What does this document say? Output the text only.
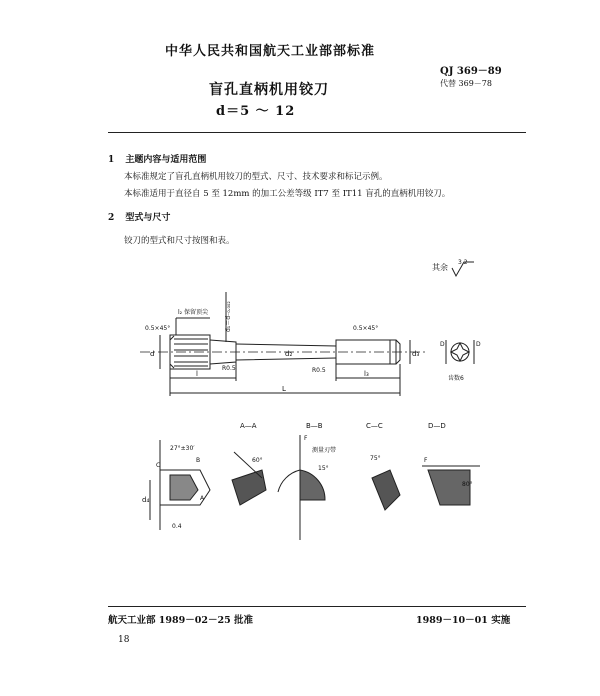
中华人民共和国航天工业部部标准
QJ 369－89
代替 369－78
盲孔直柄机用铰刀
d＝5 ～ 12
1 主题内容与适用范围
本标准规定了盲孔直柄机用铰刀的型式、尺寸、技术要求和标记示例。
本标准适用于直径自 5 至 12mm 的加工公差等级 IT7 至 IT11 盲孔的直柄机用铰刀。
2 型式与尺寸
铰刀的型式和尺寸按图和表。
其余
3.2
0.5×45°
l₂ 保留顶尖	d₁＝d₋₀.₀₀₂	0.5×45°
R0.5	R0.5
d	d₂	d₃
l
L
l₃
D	D
齿数6
A—A	B—B	C—C	D—D
27°±30′
d₄
0.4
C
B
A
60°
F
测量刃带
15°
75°
80°
F
航天工业部 1989－02－25 批准	1989－10－01 实施
18
